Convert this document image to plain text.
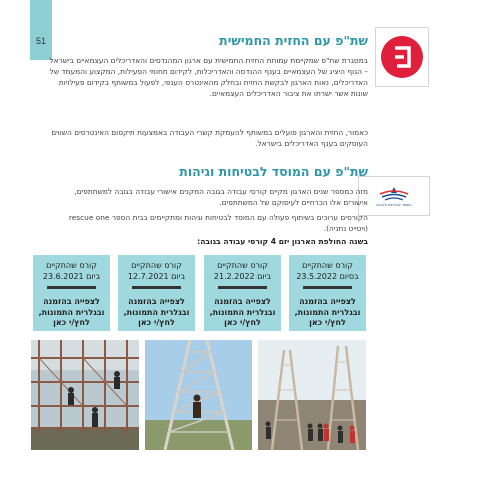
51
המוסד לבטיחות ולגיהות
שת"פ עם החזית החמישית
במסגרת שת"פ שמקיימת עמותת החזית החמישית עם ארגון המהנדסים והאדריכלים העצמאיים בישראל – הגוף היציג של העצמאיים בענף ההנדסה והאדריכלות, לקידום תחומי הפעילות, המקצוע והמעמד של האדריכלים, נאות הארגון לבקשת החזית ובחלק מהאינטרס הענפי, לפעול במשותף בקידום פעילויות שונות אשר ישרתו את ציבור האדריכלים העצמאיים.
כאמור, החזית והארגון פועלים במשותף להעמקת קשרי העבודה באמצעות תיקסום האינטרסים השווים העוסקים בענף האדריכלים בישראל.
שת"פ עם המוסד לבטיחות וגיהות
מזה כמספר שנים הארגון מקיים קורסי עבודה בגובה המקנים אישורי עבודה בגובה למשתתפים, אישורים אלו הכרחיים לעיסוקם של המשתתפים.
הקורסים ערוכים בשיתוף פעולה עם המוסד לבטיחות וגיהות ומתקיימים בבית הספר rescue one (ויטייט נתניה).
בשנה החולפת הארגון יזם 4 קורסי עבודה בגובה:
קורס שהתקיים
בסיום 23.5.2022
לצפייה בהזמנה
ובגלרית התמונות,
לחץ/י כאן
קורס שהתקיים
ביום 21.2.2022
לצפייה בהזמנה
ובגלרית התמונות,
לחץ/י כאן
קורס שהתקיים
ביום 12.7.2021
לצפייה בהזמנה
ובגלרית התמונות,
לחץ/י כאן
קורס שהתקיים
ביום 23.6.2021
לצפייה בהזמנה
ובגלרית התמונות,
לחץ/י כאן
